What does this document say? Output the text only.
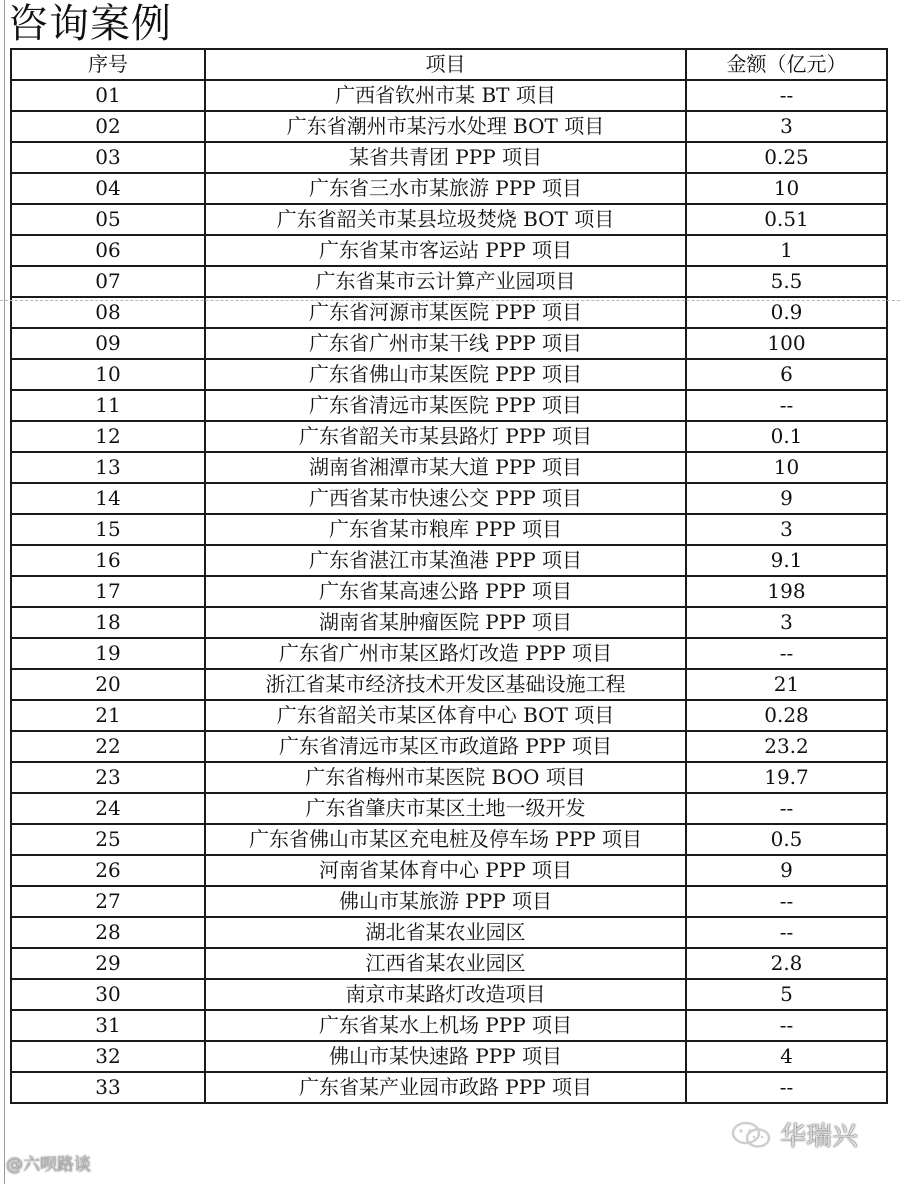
咨询案例
序号	项目	金额（亿元）
01	广西省钦州市某 BT 项目	--
02	广东省潮州市某污水处理 BOT 项目	3
03	某省共青团 PPP 项目	0.25
04	广东省三水市某旅游 PPP 项目	10
05	广东省韶关市某县垃圾焚烧 BOT 项目	0.51
06	广东省某市客运站 PPP 项目	1
07	广东省某市云计算产业园项目	5.5
08	广东省河源市某医院 PPP 项目	0.9
09	广东省广州市某干线 PPP 项目	100
10	广东省佛山市某医院 PPP 项目	6
11	广东省清远市某医院 PPP 项目	--
12	广东省韶关市某县路灯 PPP 项目	0.1
13	湖南省湘潭市某大道 PPP 项目	10
14	广西省某市快速公交 PPP 项目	9
15	广东省某市粮库 PPP 项目	3
16	广东省湛江市某渔港 PPP 项目	9.1
17	广东省某高速公路 PPP 项目	198
18	湖南省某肿瘤医院 PPP 项目	3
19	广东省广州市某区路灯改造 PPP 项目	--
20	浙江省某市经济技术开发区基础设施工程	21
21	广东省韶关市某区体育中心 BOT 项目	0.28
22	广东省清远市某区市政道路 PPP 项目	23.2
23	广东省梅州市某医院 BOO 项目	19.7
24	广东省肇庆市某区土地一级开发	--
25	广东省佛山市某区充电桩及停车场 PPP 项目	0.5
26	河南省某体育中心 PPP 项目	9
27	佛山市某旅游 PPP 项目	--
28	湖北省某农业园区	--
29	江西省某农业园区	2.8
30	南京市某路灯改造项目	5
31	广东省某水上机场 PPP 项目	--
32	佛山市某快速路 PPP 项目	4
33	广东省某产业园市政路 PPP 项目	--
@六呗路谈
华瑞兴
